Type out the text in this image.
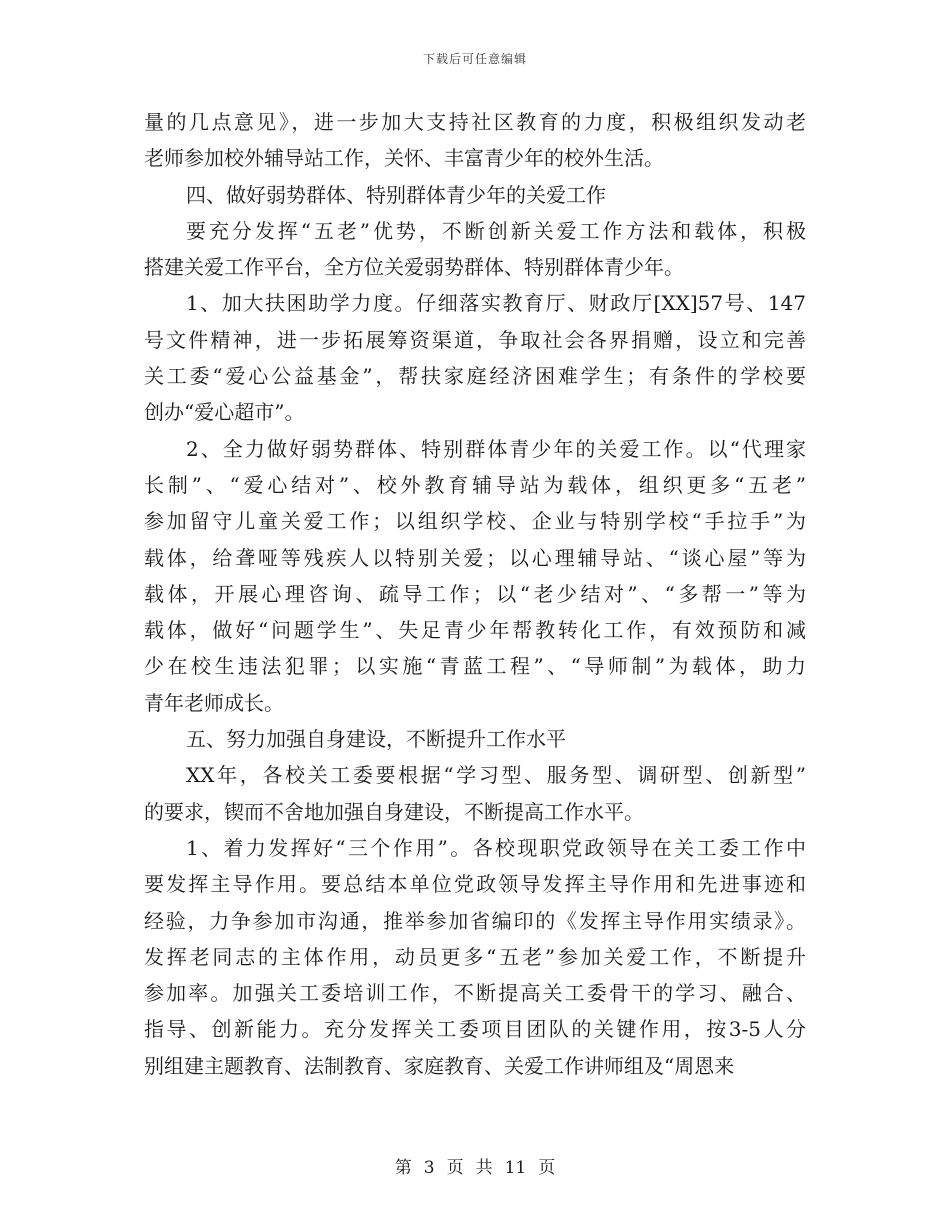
下载后可任意编辑
量的几点意见》，进一步加大支持社区教育的力度，积极组织发动老
老师参加校外辅导站工作，关怀、丰富青少年的校外生活。
四、做好弱势群体、特别群体青少年的关爱工作
要充分发挥“五老”优势，不断创新关爱工作方法和载体，积极
搭建关爱工作平台，全方位关爱弱势群体、特别群体青少年。
1、加大扶困助学力度。仔细落实教育厅、财政厅[XX]57号、147
号文件精神，进一步拓展筹资渠道，争取社会各界捐赠，设立和完善
关工委“爱心公益基金”，帮扶家庭经济困难学生；有条件的学校要
创办“爱心超市”。
2、全力做好弱势群体、特别群体青少年的关爱工作。以“代理家
长制”、“爱心结对”、校外教育辅导站为载体，组织更多“五老”
参加留守儿童关爱工作；以组织学校、企业与特别学校“手拉手”为
载体，给聋哑等残疾人以特别关爱；以心理辅导站、“谈心屋”等为
载体，开展心理咨询、疏导工作；以“老少结对”、“多帮一”等为
载体，做好“问题学生”、失足青少年帮教转化工作，有效预防和减
少在校生违法犯罪；以实施“青蓝工程”、“导师制”为载体，助力
青年老师成长。
五、努力加强自身建设，不断提升工作水平
XX年，各校关工委要根据“学习型、服务型、调研型、创新型”
的要求，锲而不舍地加强自身建设，不断提高工作水平。
1、着力发挥好“三个作用”。各校现职党政领导在关工委工作中
要发挥主导作用。要总结本单位党政领导发挥主导作用和先进事迹和
经验，力争参加市沟通，推举参加省编印的《发挥主导作用实绩录》。
发挥老同志的主体作用，动员更多“五老”参加关爱工作，不断提升
参加率。加强关工委培训工作，不断提高关工委骨干的学习、融合、
指导、创新能力。充分发挥关工委项目团队的关键作用，按3-5人分
别组建主题教育、法制教育、家庭教育、关爱工作讲师组及“周恩来
第 3 页 共 11 页
